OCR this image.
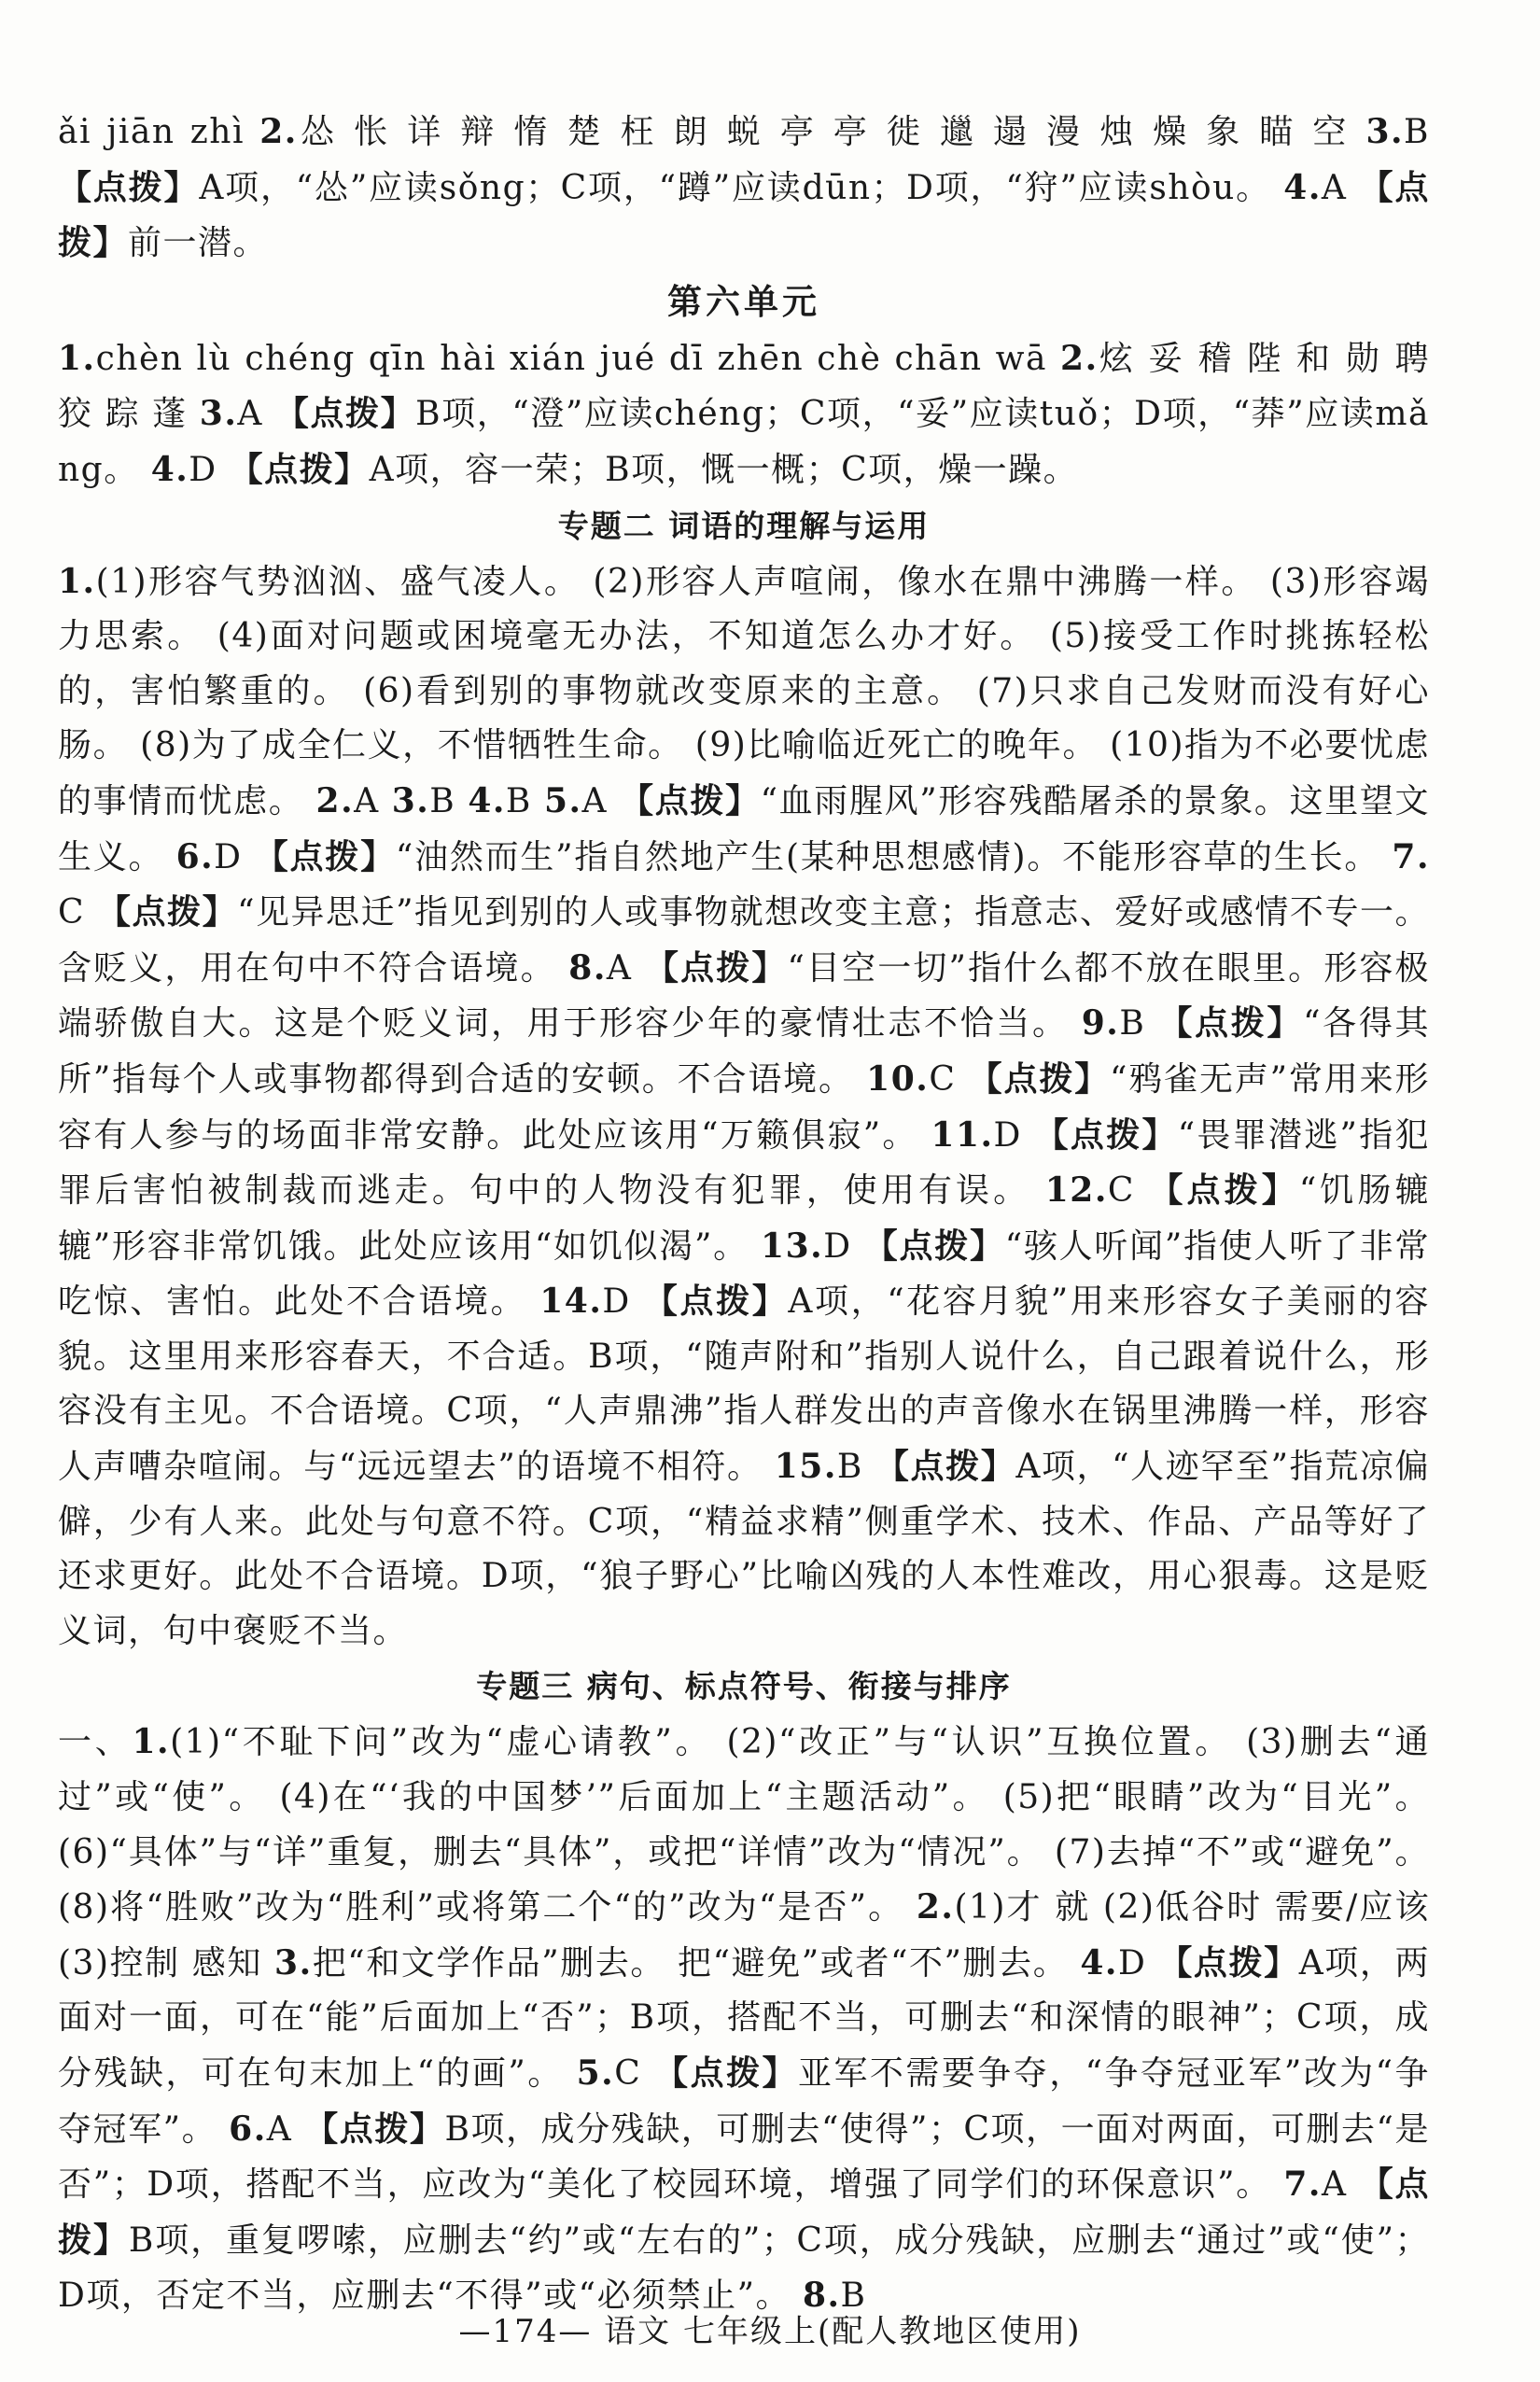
ǎi jiān zhì 2.怂 怅 详 辩 惰 楚 枉 朗 蜕 亭 亭 徙 邋 遢 漫 烛 燥 象 瞄 空 3.B 【点拨】A项，“怂”应读sǒng；C项，“蹲”应读dūn；D项，“狩”应读shòu。 4.A 【点拨】前一潜。
第六单元
1.chèn lù chéng qīn hài xián jué dī zhēn chè chān wā 2.炫 妥 稽 陛 和 勋 聘 狡 踪 蓬 3.A 【点拨】B项，“澄”应读chéng；C项，“妥”应读tuǒ；D项，“莽”应读mǎng。 4.D 【点拨】A项，容一荣；B项，慨一概；C项，燥一躁。
专题二 词语的理解与运用
1.(1)形容气势汹汹、盛气凌人。 (2)形容人声喧闹，像水在鼎中沸腾一样。 (3)形容竭力思索。 (4)面对问题或困境毫无办法，不知道怎么办才好。 (5)接受工作时挑拣轻松的，害怕繁重的。 (6)看到别的事物就改变原来的主意。 (7)只求自己发财而没有好心肠。 (8)为了成全仁义，不惜牺牲生命。 (9)比喻临近死亡的晚年。 (10)指为不必要忧虑的事情而忧虑。 2.A 3.B 4.B 5.A 【点拨】“血雨腥风”形容残酷屠杀的景象。这里望文生义。 6.D 【点拨】“油然而生”指自然地产生(某种思想感情)。不能形容草的生长。 7.C 【点拨】“见异思迁”指见到别的人或事物就想改变主意；指意志、爱好或感情不专一。含贬义，用在句中不符合语境。 8.A 【点拨】“目空一切”指什么都不放在眼里。形容极端骄傲自大。这是个贬义词，用于形容少年的豪情壮志不恰当。 9.B 【点拨】“各得其所”指每个人或事物都得到合适的安顿。不合语境。 10.C 【点拨】“鸦雀无声”常用来形容有人参与的场面非常安静。此处应该用“万籁俱寂”。 11.D 【点拨】“畏罪潜逃”指犯罪后害怕被制裁而逃走。句中的人物没有犯罪，使用有误。 12.C 【点拨】“饥肠辘辘”形容非常饥饿。此处应该用“如饥似渴”。 13.D 【点拨】“骇人听闻”指使人听了非常吃惊、害怕。此处不合语境。 14.D 【点拨】A项，“花容月貌”用来形容女子美丽的容貌。这里用来形容春天，不合适。B项，“随声附和”指别人说什么，自己跟着说什么，形容没有主见。不合语境。C项，“人声鼎沸”指人群发出的声音像水在锅里沸腾一样，形容人声嘈杂喧闹。与“远远望去”的语境不相符。 15.B 【点拨】A项，“人迹罕至”指荒凉偏僻，少有人来。此处与句意不符。C项，“精益求精”侧重学术、技术、作品、产品等好了还求更好。此处不合语境。D项，“狼子野心”比喻凶残的人本性难改，用心狠毒。这是贬义词，句中褒贬不当。
专题三 病句、标点符号、衔接与排序
一、1.(1)“不耻下问”改为“虚心请教”。 (2)“改正”与“认识”互换位置。 (3)删去“通过”或“使”。 (4)在“‘我的中国梦’”后面加上“主题活动”。 (5)把“眼睛”改为“目光”。 (6)“具体”与“详”重复，删去“具体”，或把“详情”改为“情况”。 (7)去掉“不”或“避免”。 (8)将“胜败”改为“胜利”或将第二个“的”改为“是否”。 2.(1)才 就 (2)低谷时 需要/应该 (3)控制 感知 3.把“和文学作品”删去。 把“避免”或者“不”删去。 4.D 【点拨】A项，两面对一面，可在“能”后面加上“否”；B项，搭配不当，可删去“和深情的眼神”；C项，成分残缺，可在句末加上“的画”。 5.C 【点拨】亚军不需要争夺，“争夺冠亚军”改为“争夺冠军”。 6.A 【点拨】B项，成分残缺，可删去“使得”；C项，一面对两面，可删去“是否”；D项，搭配不当，应改为“美化了校园环境，增强了同学们的环保意识”。 7.A 【点拨】B项，重复啰嗦，应删去“约”或“左右的”；C项，成分残缺，应删去“通过”或“使”；D项，否定不当，应删去“不得”或“必须禁止”。 8.B
—174— 语文 七年级上(配人教地区使用)
